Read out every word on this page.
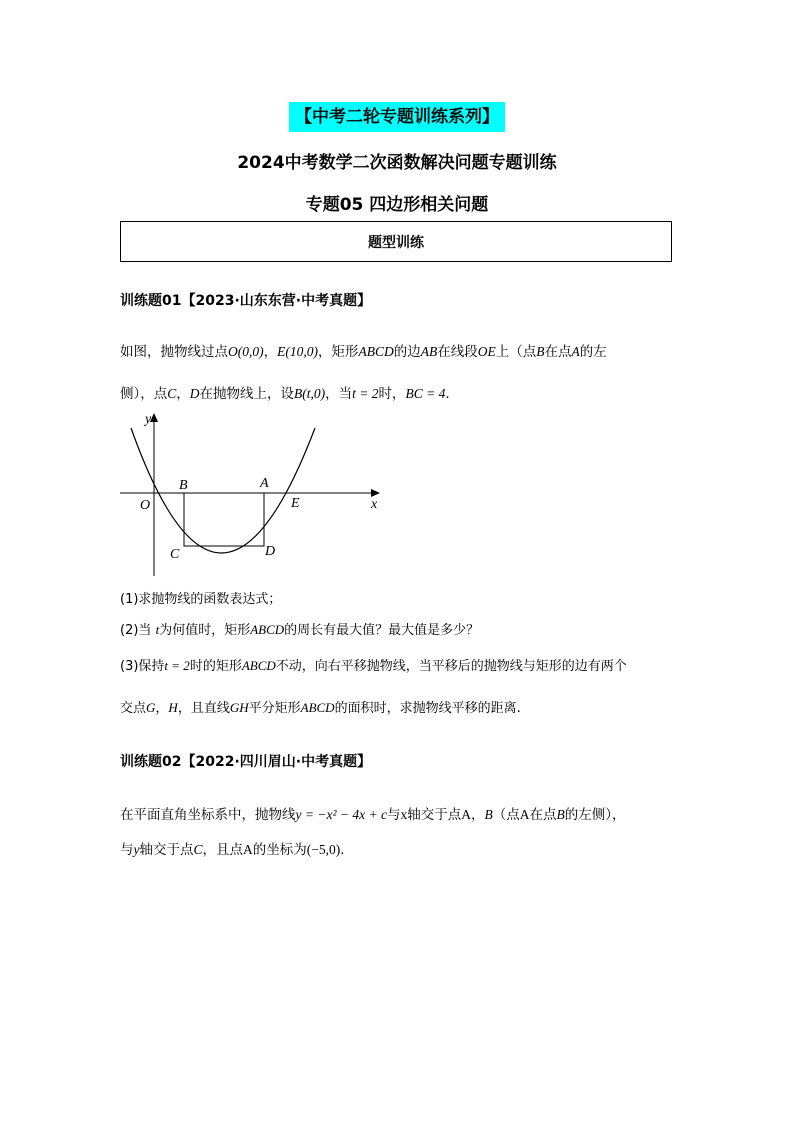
【中考二轮专题训练系列】
2024中考数学二次函数解决问题专题训练
专题05 四边形相关问题
题型训练
训练题01【2023·山东东营·中考真题】
如图，抛物线过点O(0,0)，E(10,0)，矩形ABCD的边AB在线段OE上（点B在点A的左
侧），点C，D在抛物线上，设B(t,0)，当t = 2时，BC = 4.
y
x
O
B	A
E
C	D
(1)求抛物线的函数表达式；
(2)当 t为何值时，矩形ABCD的周长有最大值？最大值是多少？
(3)保持t = 2时的矩形ABCD不动，向右平移抛物线，当平移后的抛物线与矩形的边有两个
交点G，H，且直线GH平分矩形ABCD的面积时，求抛物线平移的距离.
训练题02【2022·四川眉山·中考真题】
在平面直角坐标系中，抛物线y = −x² − 4x + c与x轴交于点A，B（点A在点B的左侧），
与y轴交于点C，且点A的坐标为(−5,0).
